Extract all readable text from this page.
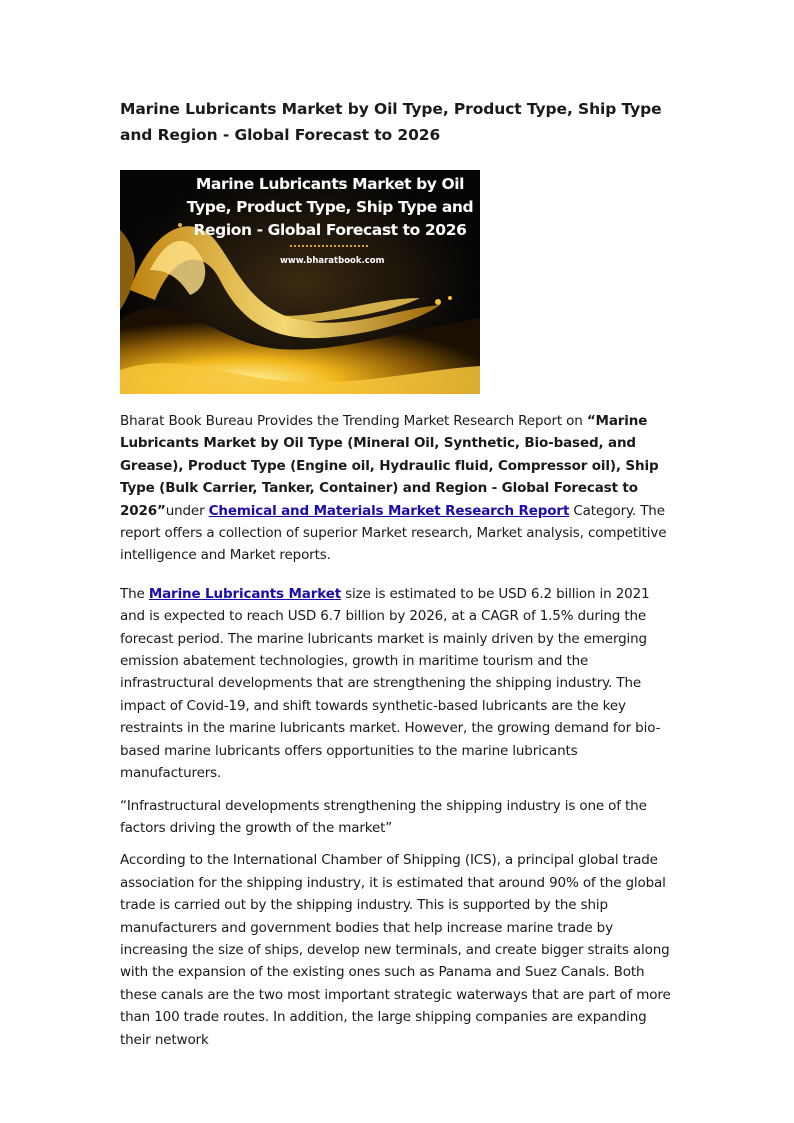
Marine Lubricants Market by Oil Type, Product Type, Ship Type and Region - Global Forecast to 2026
Marine Lubricants Market by Oil Type, Product Type, Ship Type and Region - Global Forecast to 2026
www.bharatbook.com

Bharat Book Bureau Provides the Trending Market Research Report on “Marine Lubricants Market by Oil Type (Mineral Oil, Synthetic, Bio-based, and Grease), Product Type (Engine oil, Hydraulic fluid, Compressor oil), Ship Type (Bulk Carrier, Tanker, Container) and Region - Global Forecast to 2026”under Chemical and Materials Market Research Report Category. The report offers a collection of superior Market research, Market analysis, competitive intelligence and Market reports.

The Marine Lubricants Market size is estimated to be USD 6.2 billion in 2021 and is expected to reach USD 6.7 billion by 2026, at a CAGR of 1.5% during the forecast period. The marine lubricants market is mainly driven by the emerging emission abatement technologies, growth in maritime tourism and the infrastructural developments that are strengthening the shipping industry. The impact of Covid-19, and shift towards synthetic-based lubricants are the key restraints in the marine lubricants market. However, the growing demand for bio-based marine lubricants offers opportunities to the marine lubricants manufacturers.

“Infrastructural developments strengthening the shipping industry is one of the factors driving the growth of the market”

According to the International Chamber of Shipping (ICS), a principal global trade association for the shipping industry, it is estimated that around 90% of the global trade is carried out by the shipping industry. This is supported by the ship manufacturers and government bodies that help increase marine trade by increasing the size of ships, develop new terminals, and create bigger straits along with the expansion of the existing ones such as Panama and Suez Canals. Both these canals are the two most important strategic waterways that are part of more than 100 trade routes. In addition, the large shipping companies are expanding their network
